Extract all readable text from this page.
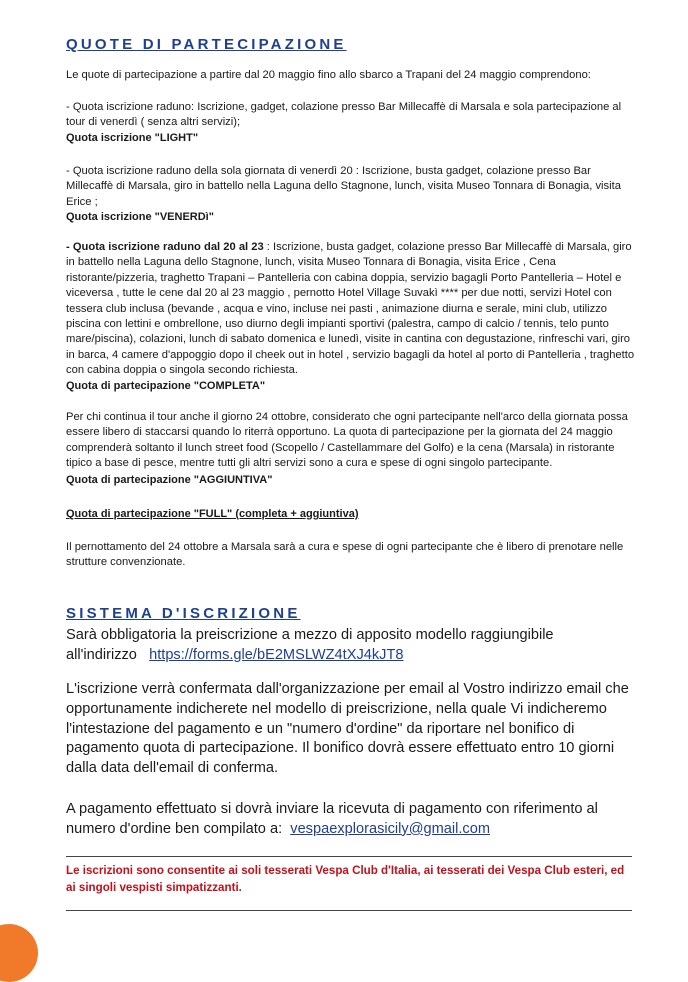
QUOTE DI PARTECIPAZIONE
Le quote di partecipazione a partire dal 20 maggio fino allo sbarco a Trapani del 24 maggio comprendono:
- Quota iscrizione raduno: Iscrizione, gadget, colazione presso Bar Millecaffè di Marsala e sola partecipazione al tour di venerdì ( senza altri servizi);
Quota iscrizione "LIGHT"
- Quota iscrizione raduno della sola giornata di venerdì 20 : Iscrizione, busta gadget, colazione presso Bar Millecaffè di Marsala, giro in battello nella Laguna dello Stagnone, lunch, visita Museo Tonnara di Bonagia, visita Erice ;
Quota iscrizione "VENERDì"
- Quota iscrizione raduno dal 20 al 23 : Iscrizione, busta gadget, colazione presso Bar Millecaffè di Marsala, giro in battello nella Laguna dello Stagnone, lunch, visita Museo Tonnara di Bonagia, visita Erice , Cena ristorante/pizzeria, traghetto Trapani – Pantelleria con cabina doppia, servizio bagagli Porto Pantelleria – Hotel e viceversa , tutte le cene dal 20 al 23 maggio , pernotto Hotel Village Suvakì **** per due notti, servizi Hotel con tessera club inclusa (bevande , acqua e vino, incluse nei pasti , animazione diurna e serale, mini club, utilizzo piscina con lettini e ombrellone, uso diurno degli impianti sportivi (palestra, campo di calcio / tennis, telo punto mare/piscina), colazioni, lunch di sabato domenica e lunedì, visite in cantina con degustazione, rinfreschi vari, giro in barca, 4 camere d'appoggio dopo il cheek out in hotel , servizio bagagli da hotel al porto di Pantelleria , traghetto con cabina doppia o singola secondo richiesta.
Quota di partecipazione "COMPLETA"
Per chi continua il tour anche il giorno 24 ottobre, considerato che ogni partecipante nell'arco della giornata possa essere libero di staccarsi quando lo riterrà opportuno. La quota di partecipazione per la giornata del 24 maggio comprenderà soltanto il lunch street food (Scopello / Castellammare del Golfo) e la cena (Marsala) in ristorante tipico a base di pesce, mentre tutti gli altri servizi sono a cura e spese di ogni singolo partecipante.
Quota di partecipazione "AGGIUNTIVA"
Quota di partecipazione "FULL" (completa + aggiuntiva)
Il pernottamento del 24 ottobre a Marsala sarà a cura e spese di ogni partecipante che è libero di prenotare nelle strutture convenzionate.
SISTEMA D'ISCRIZIONE
Sarà obbligatoria la preiscrizione a mezzo di apposito modello raggiungibile all'indirizzo https://forms.gle/bE2MSLWZ4tXJ4kJT8
L'iscrizione verrà confermata dall'organizzazione per email al Vostro indirizzo email che opportunamente indicherete nel modello di preiscrizione, nella quale Vi indicheremo l'intestazione del pagamento e un "numero d'ordine" da riportare nel bonifico di pagamento quota di partecipazione. Il bonifico dovrà essere effettuato entro 10 giorni dalla data dell'email di conferma.
A pagamento effettuato si dovrà inviare la ricevuta di pagamento con riferimento al numero d'ordine ben compilato a: vespaexplorasicily@gmail.com
Le iscrizioni sono consentite ai soli tesserati Vespa Club d'Italia, ai tesserati dei Vespa Club esteri, ed ai singoli vespisti simpatizzanti.
